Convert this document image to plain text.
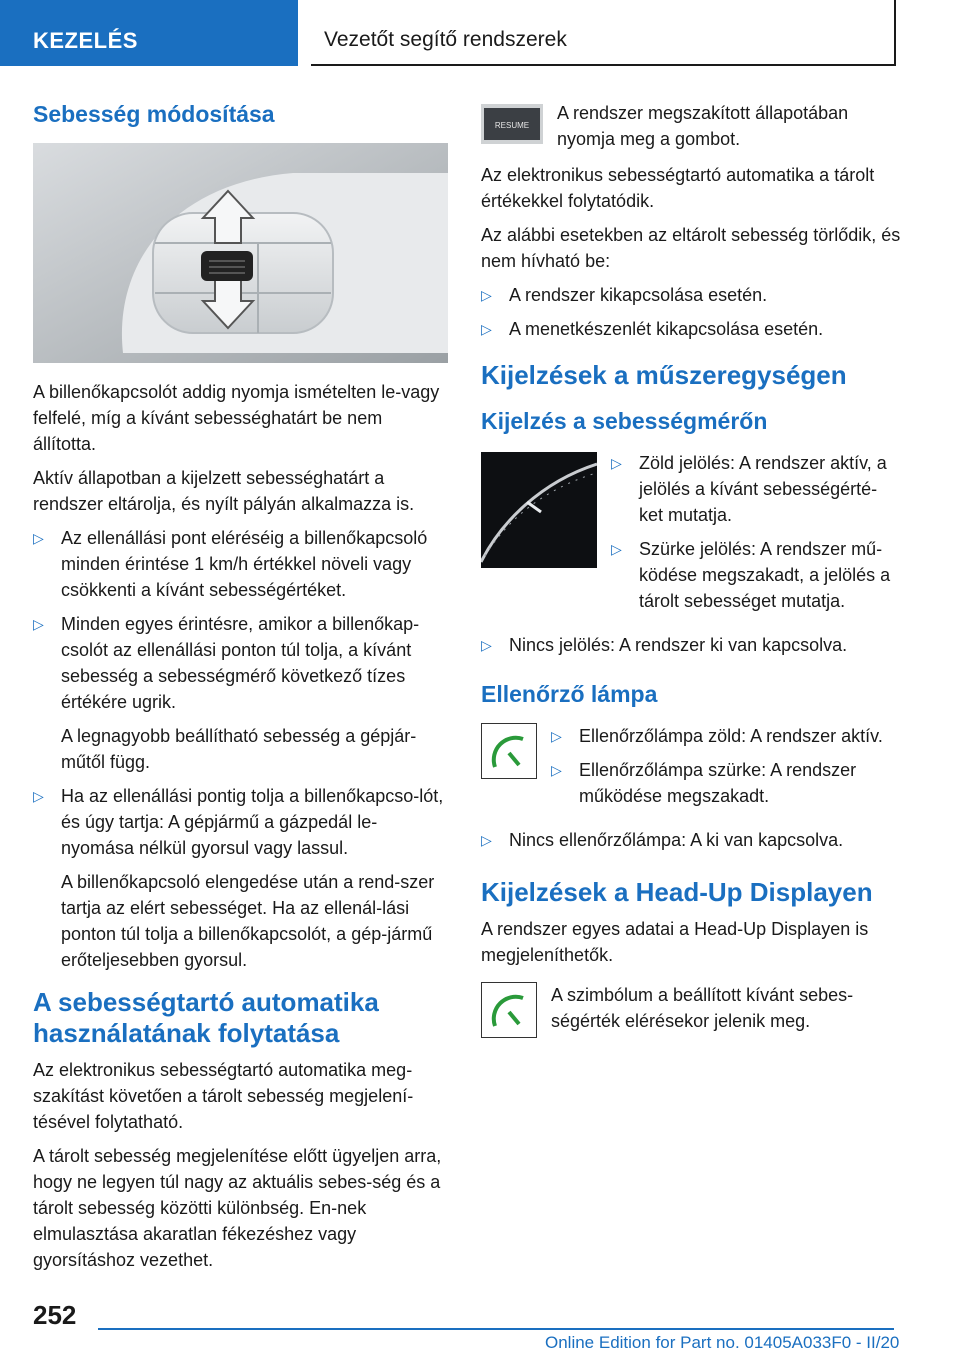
KEZELÉS	Vezetőt segítő rendszerek
Sebesség módosítása

A billenőkapcsolót addig nyomja ismételten le-vagy felfelé, míg a kívánt sebességhatárt be nem állította.

Aktív állapotban a kijelzett sebességhatárt a rendszer eltárolja, és nyílt pályán alkalmazza is.

▷ Az ellenállási pont eléréséig a billenőkapcsoló minden érintése 1 km/h értékkel növeli vagy csökkenti a kívánt sebességértéket.
▷ Minden egyes érintésre, amikor a billenőkap-csolót az ellenállási ponton túl tolja, a kívánt sebesség a sebességmérő következő tízes értékére ugrik.
A legnagyobb beállítható sebesség a gépjár-műtől függ.
▷ Ha az ellenállási pontig tolja a billenőkapcso-lót, és úgy tartja: A gépjármű a gázpedál le-nyomása nélkül gyorsul vagy lassul.
A billenőkapcsoló elengedése után a rend-szer tartja az elért sebességet. Ha az ellenál-lási ponton túl tolja a billenőkapcsolót, a gép-jármű erőteljesebben gyorsul.
A sebességtartó automatika használatának folytatása

Az elektronikus sebességtartó automatika meg-szakítást követően a tárolt sebesség megjelení-tésével folytatható.

A tárolt sebesség megjelenítése előtt ügyeljen arra, hogy ne legyen túl nagy az aktuális sebes-ség és a tárolt sebesség közötti különbség. En-nek elmulasztása akaratlan fékezéshez vagy gyorsításhoz vezethet.

RESUME
A rendszer megszakított állapotában nyomja meg a gombot.

Az elektronikus sebességtartó automatika a tárolt értékekkel folytatódik.

Az alábbi esetekben az eltárolt sebesség törlődik, és nem hívható be:

▷ A rendszer kikapcsolása esetén.
▷ A menetkészenlét kikapcsolása esetén.
Kijelzések a műszeregységen
Kijelzés a sebességmérőn
▷ Zöld jelölés: A rendszer aktív, a jelölés a kívánt sebességérté-ket mutatja.
▷ Szürke jelölés: A rendszer mű-ködése megszakadt, a jelölés a tárolt sebességet mutatja.
▷ Nincs jelölés: A rendszer ki van kapcsolva.
Ellenőrző lámpa
▷ Ellenőrzőlámpa zöld: A rendszer aktív.
▷ Ellenőrzőlámpa szürke: A rendszer működése megszakadt.
▷ Nincs ellenőrzőlámpa: A ki van kapcsolva.
Kijelzések a Head-Up Displayen

A rendszer egyes adatai a Head-Up Displayen is megjeleníthetők.

A szimbólum a beállított kívánt sebes-ségérték elérésekor jelenik meg.
252
Online Edition for Part no. 01405A033F0 - II/20
